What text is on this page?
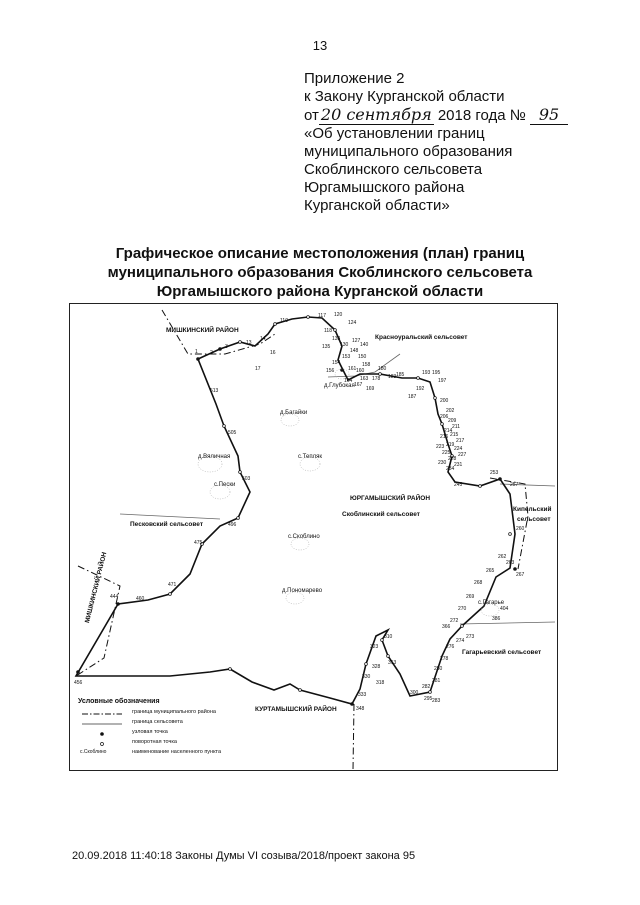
13
Приложение 2
к Закону Курганской области
от 20 сентября 2018 года № 95
«Об установлении границ
муниципального образования
Скоблинского сельсовета
Юргамышского района
Курганской области»
Графическое описание местоположения (план) границ
муниципального образования Скоблинского сельсовета
Юргамышского района Курганской области
МИШКИНСКИЙ РАЙОН
МИШКИНСКИЙ РАЙОН
ЮРГАМЫШСКИЙ РАЙОН
КУРТАМЫШСКИЙ РАЙОН
Красноуральский сельсовет
Песковский сельсовет
Скоблинский сельсовет
Кипельский
сельсовет
Гагарьевский сельсовет
д.Глубокая
д.Багайки
д.Вяличная	с.Тепляк
с.Пески
с.Скоблино
д.Пономарево
с.Гагарье
1 2
3
13
14
16
17
110
117
118
120
124
127
130
133
135	140
148
150
153
154
156
158
160
161
163
164
167
169
178
180
183 185
187
192
193 195
197
200
202
206
209
211
214
215
216
217
219
223 224
225 227
228
230 231
234
245
253
257
260
262
263
265
267
268
269
270
272
273
274
276
278
280
281
282
283
295
300
310
313
318
323
328
330
333
348
366
386
404
444
456
460
471
475
496
503
505
513
Условные обозначения
граница муниципального района
граница сельсовета
узловая точка
поворотная точка
с.Скоблино	наименование населенного пункта
20.09.2018 11:40:18 Законы Думы VI созыва/2018/проект закона 95
